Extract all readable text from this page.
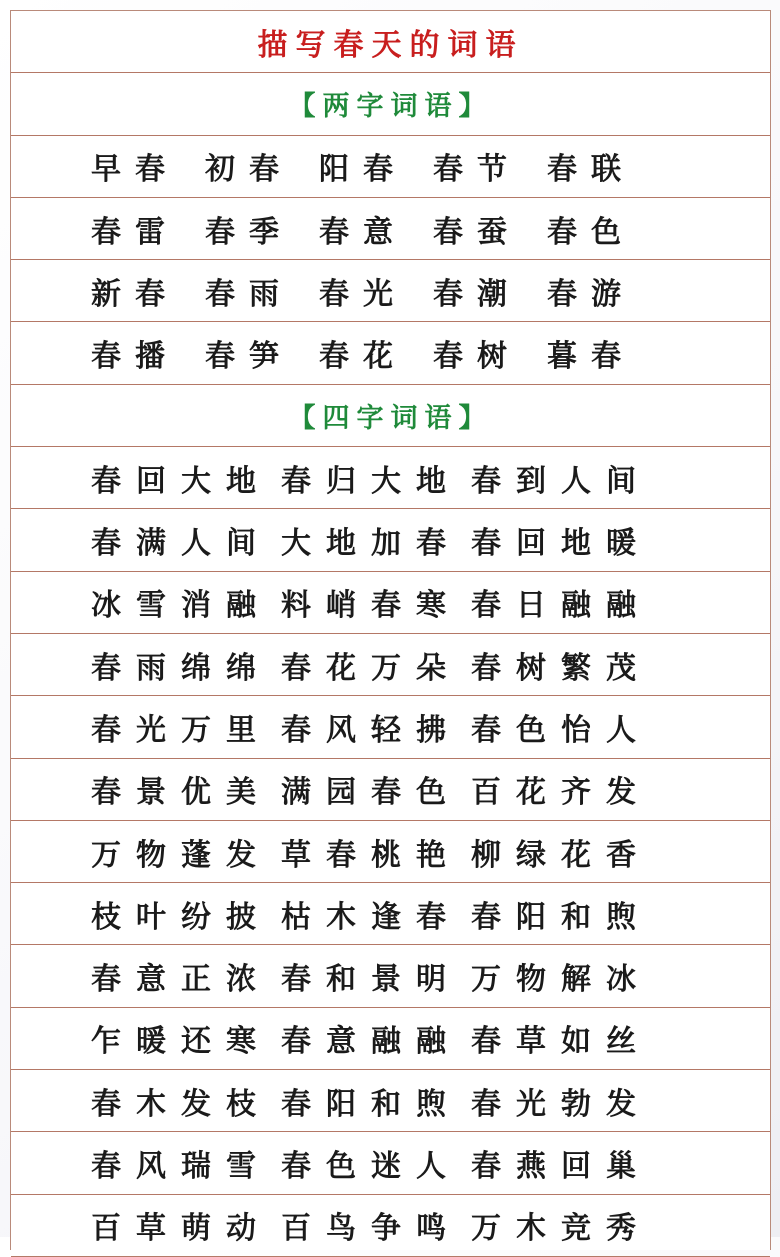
描写春天的词语
【两字词语】
早春 初春 阳春 春节 春联
春雷 春季 春意 春蚕 春色
新春 春雨 春光 春潮 春游
春播 春笋 春花 春树 暮春
【四字词语】
春回大地 春归大地 春到人间
春满人间 大地加春 春回地暖
冰雪消融 料峭春寒 春日融融
春雨绵绵 春花万朵 春树繁茂
春光万里 春风轻拂 春色怡人
春景优美 满园春色 百花齐发
万物蓬发 草春桃艳 柳绿花香
枝叶纷披 枯木逢春 春阳和煦
春意正浓 春和景明 万物解冰
乍暖还寒 春意融融 春草如丝
春木发枝 春阳和煦 春光勃发
春风瑞雪 春色迷人 春燕回巢
百草萌动 百鸟争鸣 万木竞秀
